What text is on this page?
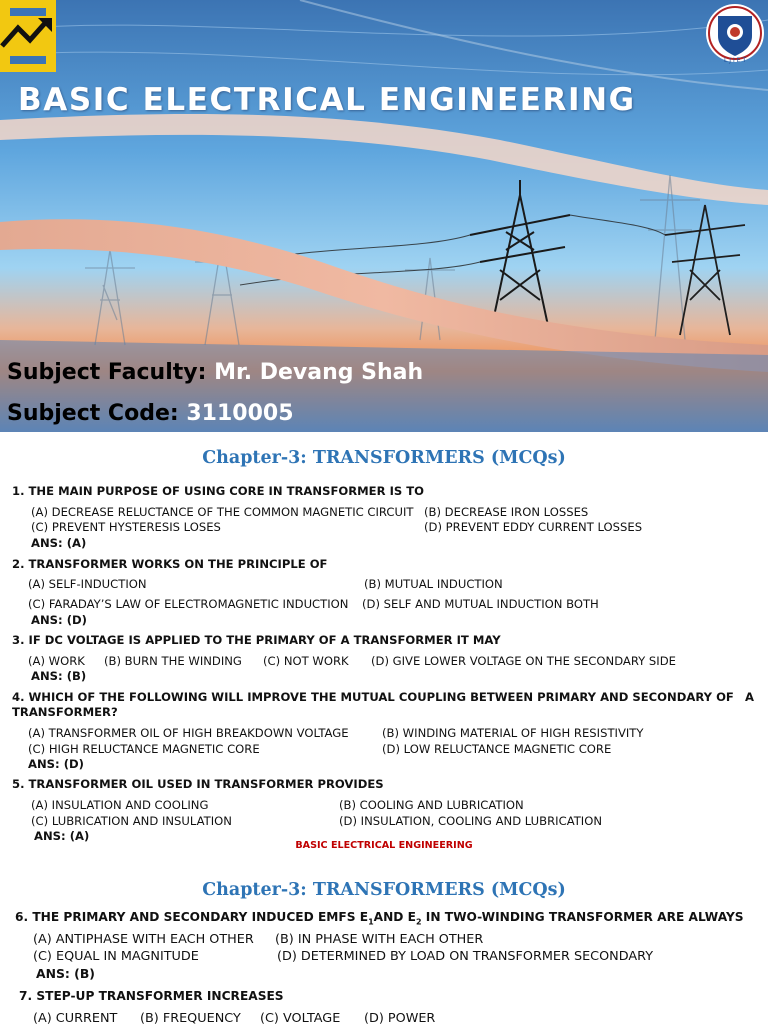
L J I E T
BASIC ELECTRICAL ENGINEERING

Subject Faculty: Mr. Devang Shah

Subject Code: 3110005

Chapter-3: TRANSFORMERS (MCQs)

1. THE MAIN PURPOSE OF USING CORE IN TRANSFORMER IS TO

(A) DECREASE RELUCTANCE OF THE COMMON MAGNETIC CIRCUIT (B) DECREASE IRON LOSSES

(C) PREVENT HYSTERESIS LOSES	(D) PREVENT EDDY CURRENT LOSSES

ANS: (A)

2. TRANSFORMER WORKS ON THE PRINCIPLE OF

(A) SELF-INDUCTION	(B) MUTUAL INDUCTION

(C) FARADAY’S LAW OF ELECTROMAGNETIC INDUCTION (D) SELF AND MUTUAL INDUCTION BOTH

ANS: (D)

3. IF DC VOLTAGE IS APPLIED TO THE PRIMARY OF A TRANSFORMER IT MAY

(A) WORK (B) BURN THE WINDING (C) NOT WORK (D) GIVE LOWER VOLTAGE ON THE SECONDARY SIDE

ANS: (B)

4. WHICH OF THE FOLLOWING WILL IMPROVE THE MUTUAL COUPLING BETWEEN PRIMARY AND SECONDARY OF A

TRANSFORMER?

(A) TRANSFORMER OIL OF HIGH BREAKDOWN VOLTAGE	(B) WINDING MATERIAL OF HIGH RESISTIVITY

(C) HIGH RELUCTANCE MAGNETIC CORE	(D) LOW RELUCTANCE MAGNETIC CORE

ANS: (D)

5. TRANSFORMER OIL USED IN TRANSFORMER PROVIDES

(A) INSULATION AND COOLING	(B) COOLING AND LUBRICATION

(C) LUBRICATION AND INSULATION	(D) INSULATION, COOLING AND LUBRICATION

ANS: (A)

BASIC ELECTRICAL ENGINEERING

Chapter-3: TRANSFORMERS (MCQs)

6. THE PRIMARY AND SECONDARY INDUCED EMFS $E_1AND$ $E_2$ IN TWO-WINDING TRANSFORMER ARE ALWAYS

(A) ANTIPHASE WITH EACH OTHER (B) IN PHASE WITH EACH OTHER

(C) EQUAL IN MAGNITUDE	(D) DETERMINED BY LOAD ON TRANSFORMER SECONDARY

ANS: (B)

7. STEP-UP TRANSFORMER INCREASES

(A) CURRENT (B) FREQUENCY (C) VOLTAGE (D) POWER
